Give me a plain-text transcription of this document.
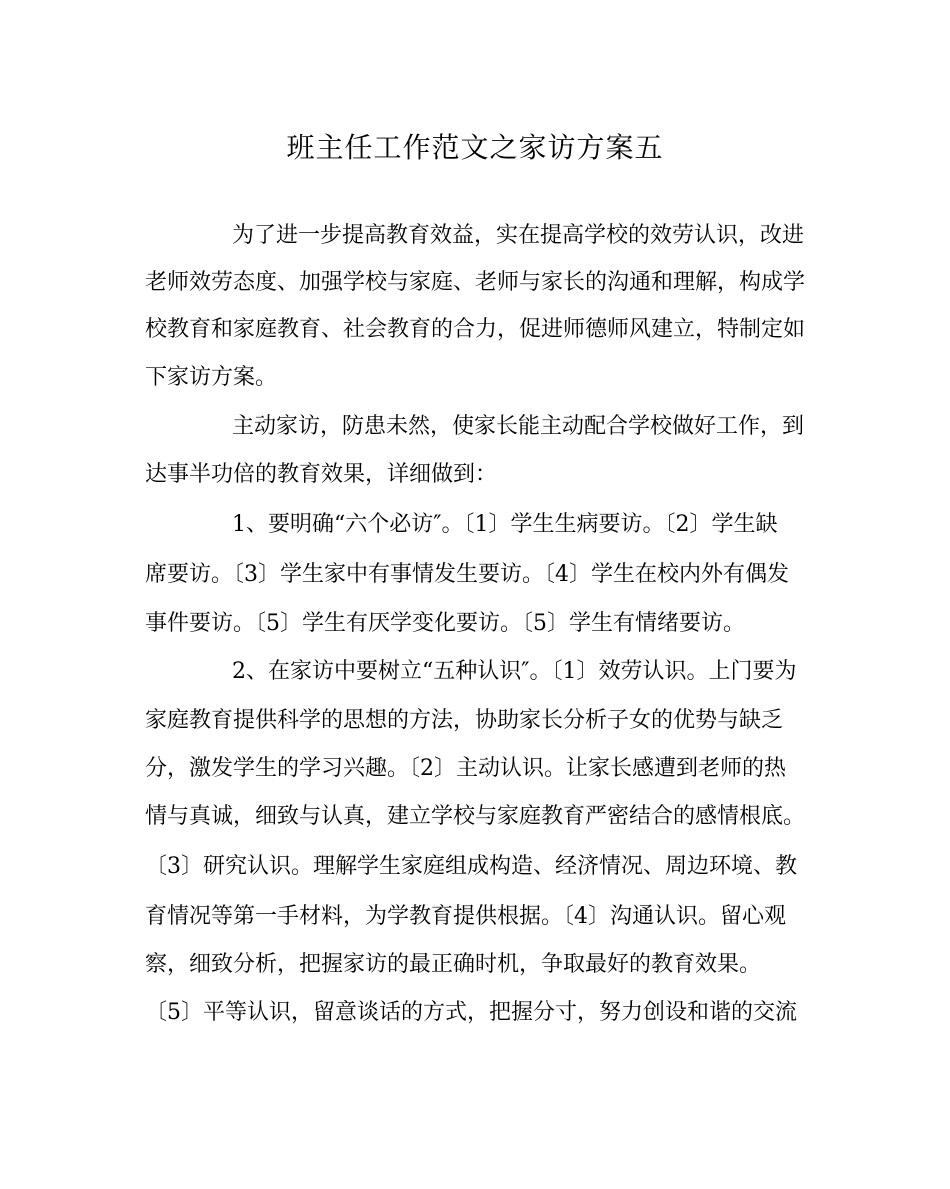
班主任工作范文之家访方案五
为了进一步提高教育效益，实在提高学校的效劳认识，改进
老师效劳态度、加强学校与家庭、老师与家长的沟通和理解，构成学
校教育和家庭教育、社会教育的合力，促进师德师风建立，特制定如
下家访方案。
主动家访，防患未然，使家长能主动配合学校做好工作，到
达事半功倍的教育效果，详细做到：
1、要明确“六个必访″。〔1〕学生生病要访。〔2〕学生缺
席要访。〔3〕学生家中有事情发生要访。〔4〕学生在校内外有偶发
事件要访。〔5〕学生有厌学变化要访。〔5〕学生有情绪要访。
2、在家访中要树立“五种认识″。〔1〕效劳认识。上门要为
家庭教育提供科学的思想的方法，协助家长分析子女的优势与缺乏
分，激发学生的学习兴趣。〔2〕主动认识。让家长感遭到老师的热
情与真诚，细致与认真，建立学校与家庭教育严密结合的感情根底。
〔3〕研究认识。理解学生家庭组成构造、经济情况、周边环境、教
育情况等第一手材料，为学教育提供根据。〔4〕沟通认识。留心观
察，细致分析，把握家访的最正确时机，争取最好的教育效果。
〔5〕平等认识，留意谈话的方式，把握分寸，努力创设和谐的交流
